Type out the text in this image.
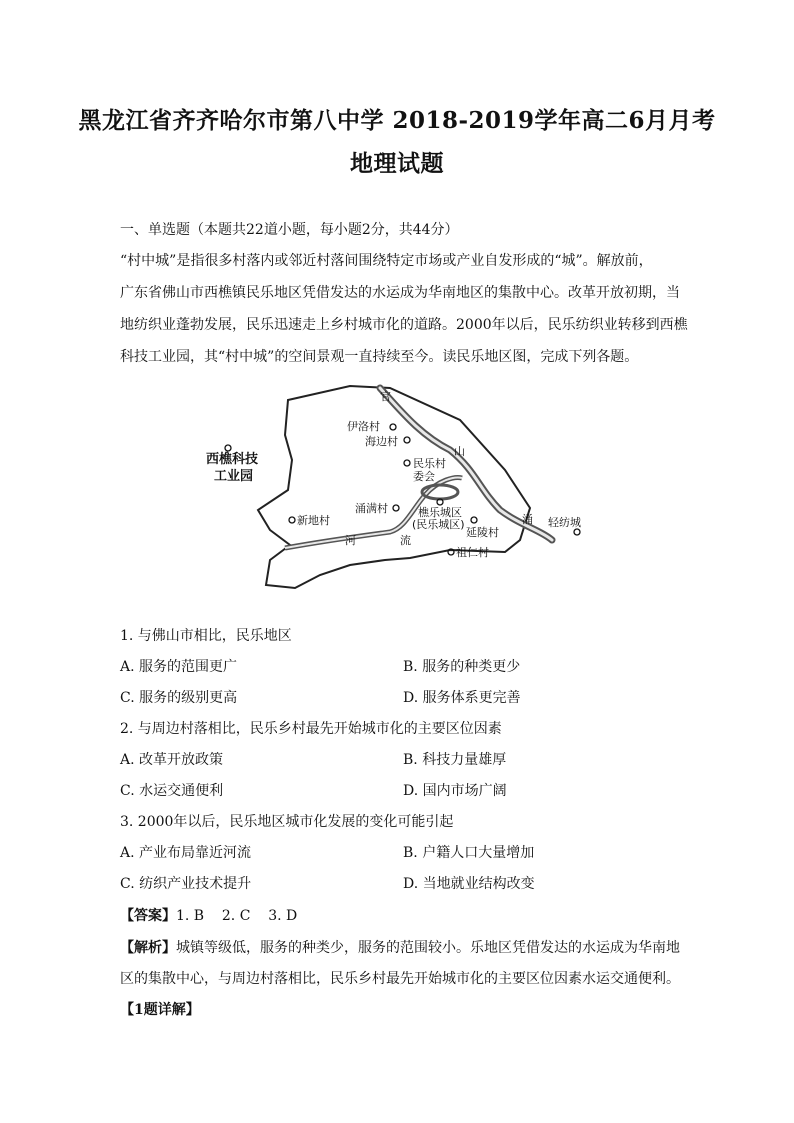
黑龙江省齐齐哈尔市第八中学 2018-2019学年高二6月月考
地理试题
一、单选题（本题共22道小题，每小题2分，共44分）
“村中城”是指很多村落内或邻近村落间围绕特定市场或产业自发形成的“城”。解放前，
广东省佛山市西樵镇民乐地区凭借发达的水运成为华南地区的集散中心。改革开放初期，当
地纺织业蓬勃发展，民乐迅速走上乡村城市化的道路。2000年以后，民乐纺织业转移到西樵
科技工业园，其“村中城”的空间景观一直持续至今。读民乐地区图，完成下列各题。
官
山
涌
河	流
伊洛村
海边村
民乐村
委会
西樵科技
工业园
涌满村
新地村
樵乐城区
(民乐城区)
延陵村
祖仁村
轻纺城
1. 与佛山市相比，民乐地区
A. 服务的范围更广	B. 服务的种类更少
C. 服务的级别更高	D. 服务体系更完善
2. 与周边村落相比，民乐乡村最先开始城市化的主要区位因素
A. 改革开放政策	B. 科技力量雄厚
C. 水运交通便利	D. 国内市场广阔
3. 2000年以后，民乐地区城市化发展的变化可能引起
A. 产业布局靠近河流	B. 户籍人口大量增加
C. 纺织产业技术提升	D. 当地就业结构改变
【答案】1. B    2. C    3. D
【解析】城镇等级低，服务的种类少，服务的范围较小。乐地区凭借发达的水运成为华南地
区的集散中心，与周边村落相比，民乐乡村最先开始城市化的主要区位因素水运交通便利。
【1题详解】
